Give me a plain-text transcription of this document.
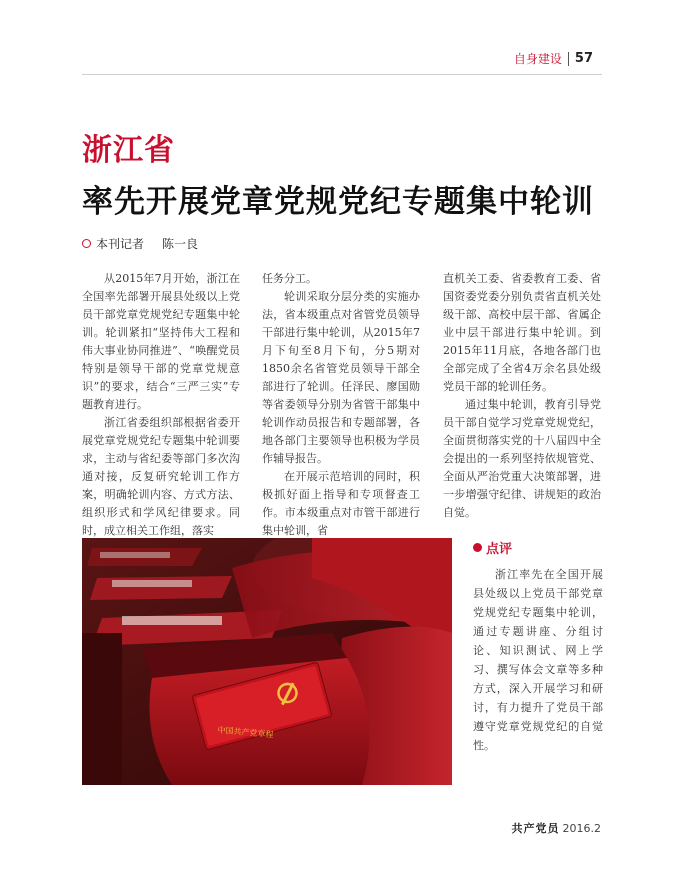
自身建设 57
浙江省
率先开展党章党规党纪专题集中轮训
本刊记者 陈一良

从2015年7月开始，浙江在全国率先部署开展县处级以上党员干部党章党规党纪专题集中轮训。轮训紧扣“坚持伟大工程和伟大事业协同推进”、“唤醒党员特别是领导干部的党章党规意识”的要求，结合“三严三实”专题教育进行。

浙江省委组织部根据省委开展党章党规党纪专题集中轮训要求，主动与省纪委等部门多次沟通对接，反复研究轮训工作方案，明确轮训内容、方式方法、组织形式和学风纪律要求。同时，成立相关工作组，落实

任务分工。

轮训采取分层分类的实施办法，省本级重点对省管党员领导干部进行集中轮训，从2015年7月下旬至8月下旬，分5期对1850余名省管党员领导干部全部进行了轮训。任泽民、廖国勋等省委领导分别为省管干部集中轮训作动员报告和专题部署，各地各部门主要领导也积极为学员作辅导报告。

在开展示范培训的同时，积极抓好面上指导和专项督查工作。市本级重点对市管干部进行集中轮训，省

直机关工委、省委教育工委、省国资委党委分别负责省直机关处级干部、高校中层干部、省属企业中层干部进行集中轮训。到2015年11月底，各地各部门也全部完成了全省4万余名县处级党员干部的轮训任务。

通过集中轮训，教育引导党员干部自觉学习党章党规党纪，全面贯彻落实党的十八届四中全会提出的一系列坚持依规管党、全面从严治党重大决策部署，进一步增强守纪律、讲规矩的政治自觉。

中国共产党章程
点评

浙江率先在全国开展县处级以上党员干部党章党规党纪专题集中轮训，通过专题讲座、分组讨论、知识测试、网上学习、撰写体会文章等多种方式，深入开展学习和研讨，有力提升了党员干部遵守党章党规党纪的自觉性。

共产党员 2016.2
